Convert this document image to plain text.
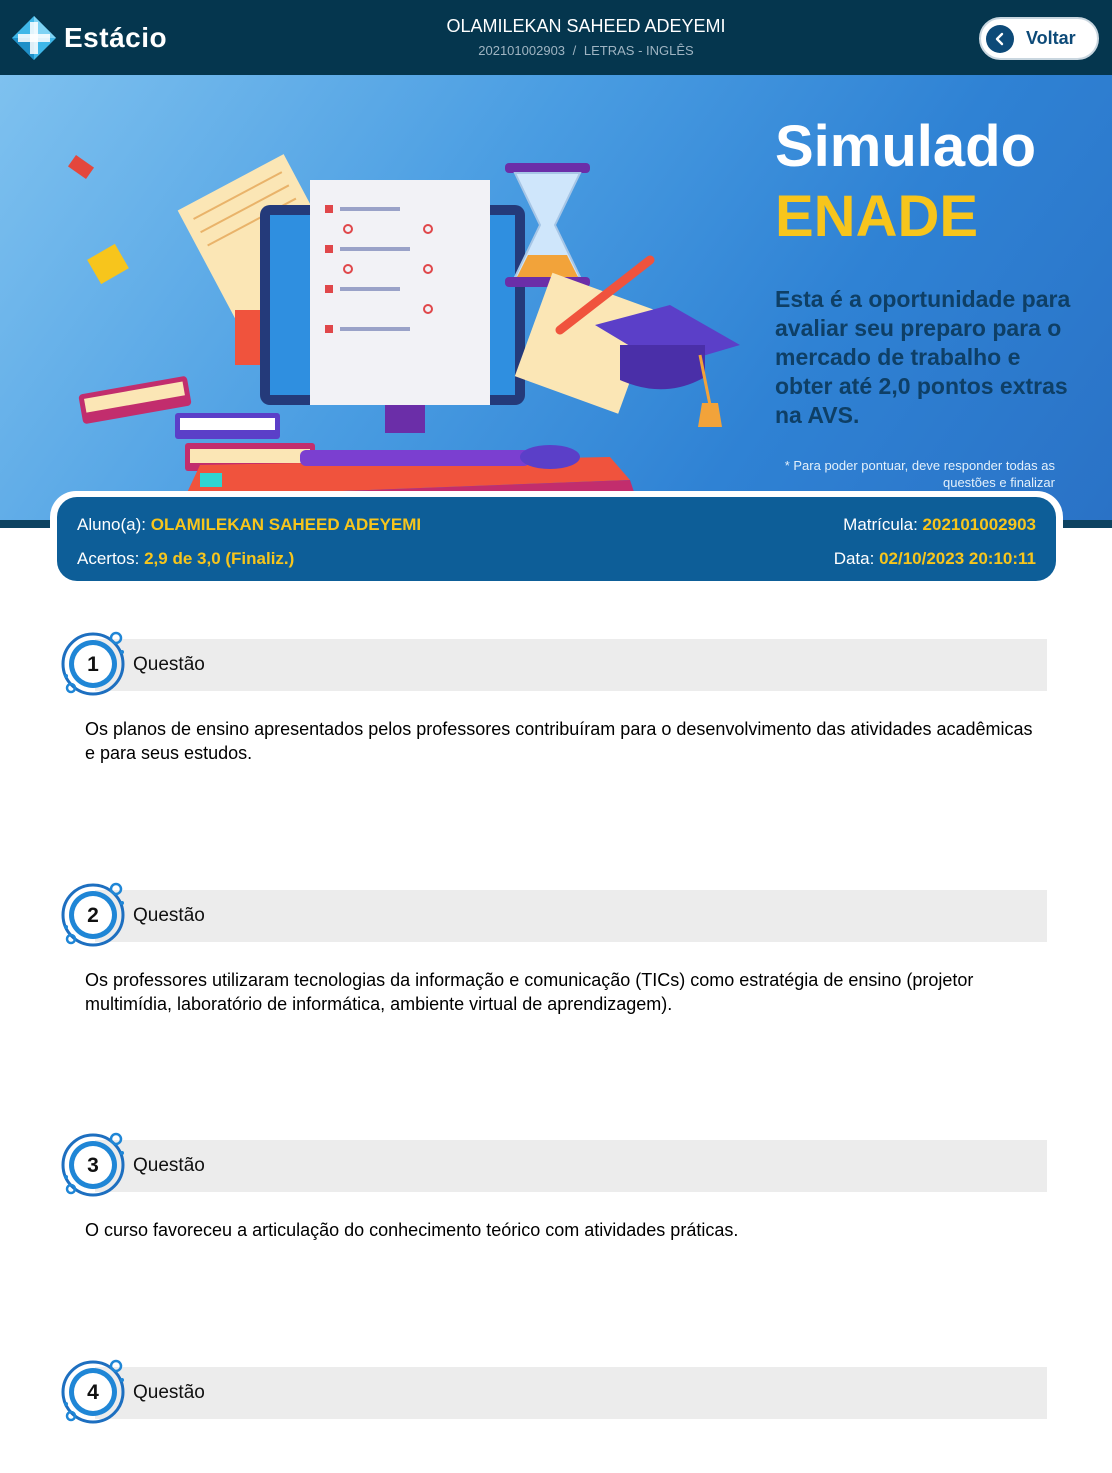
Estácio	OLAMILEKAN SAHEED ADEYEMI
202101002903 / LETRAS - INGLÊS
Voltar
Simulado
ENADE
Esta é a oportunidade para avaliar seu preparo para o mercado de trabalho e obter até 2,0 pontos extras na AVS.
* Para poder pontuar, deve responder todas as questões e finalizar
Aluno(a): OLAMILEKAN SAHEED ADEYEMI	Matrícula: 202101002903
Acertos: 2,9 de 3,0 (Finaliz.)	Data: 02/10/2023 20:10:11
1	Questão
Os planos de ensino apresentados pelos professores contribuíram para o desenvolvimento das atividades acadêmicas e para seus estudos.
2	Questão
Os professores utilizaram tecnologias da informação e comunicação (TICs) como estratégia de ensino (projetor multimídia, laboratório de informática, ambiente virtual de aprendizagem).
3	Questão
O curso favoreceu a articulação do conhecimento teórico com atividades práticas.
4	Questão
